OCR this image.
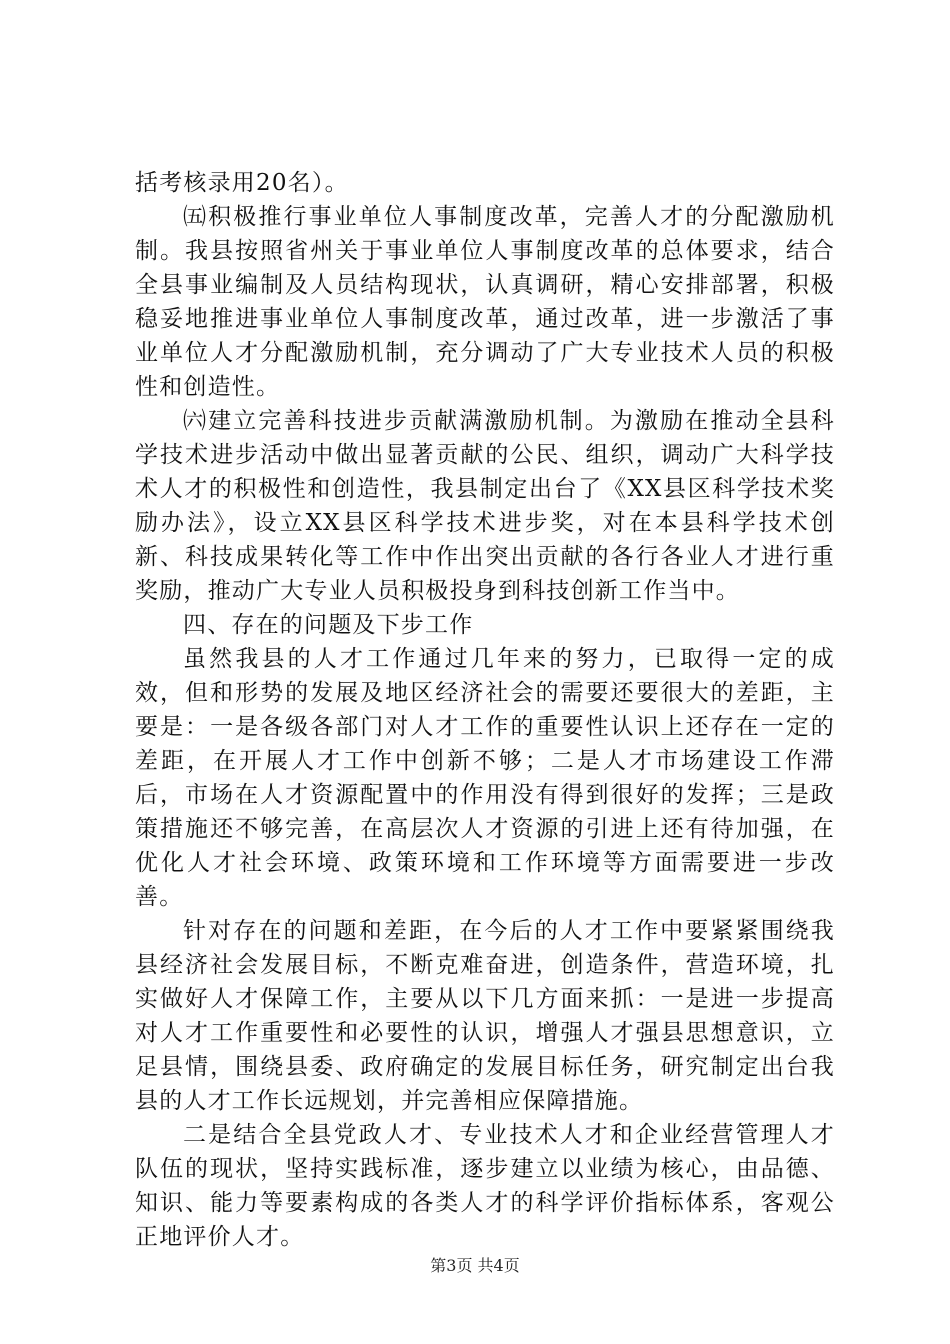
括考核录用20名）。

㈤积极推行事业单位人事制度改革，完善人才的分配激励机制。我县按照省州关于事业单位人事制度改革的总体要求，结合全县事业编制及人员结构现状，认真调研，精心安排部署，积极稳妥地推进事业单位人事制度改革，通过改革，进一步激活了事业单位人才分配激励机制，充分调动了广大专业技术人员的积极性和创造性。

㈥建立完善科技进步贡献满激励机制。为激励在推动全县科学技术进步活动中做出显著贡献的公民、组织，调动广大科学技术人才的积极性和创造性，我县制定出台了《XX县区科学技术奖励办法》，设立XX县区科学技术进步奖，对在本县科学技术创新、科技成果转化等工作中作出突出贡献的各行各业人才进行重奖励，推动广大专业人员积极投身到科技创新工作当中。

四、存在的问题及下步工作

虽然我县的人才工作通过几年来的努力，已取得一定的成效，但和形势的发展及地区经济社会的需要还要很大的差距，主要是：一是各级各部门对人才工作的重要性认识上还存在一定的差距，在开展人才工作中创新不够；二是人才市场建设工作滞后，市场在人才资源配置中的作用没有得到很好的发挥；三是政策措施还不够完善，在高层次人才资源的引进上还有待加强，在优化人才社会环境、政策环境和工作环境等方面需要进一步改善。

针对存在的问题和差距，在今后的人才工作中要紧紧围绕我县经济社会发展目标，不断克难奋进，创造条件，营造环境，扎实做好人才保障工作，主要从以下几方面来抓：一是进一步提高对人才工作重要性和必要性的认识，增强人才强县思想意识，立足县情，围绕县委、政府确定的发展目标任务，研究制定出台我县的人才工作长远规划，并完善相应保障措施。

二是结合全县党政人才、专业技术人才和企业经营管理人才队伍的现状，坚持实践标准，逐步建立以业绩为核心，由品德、知识、能力等要素构成的各类人才的科学评价指标体系，客观公正地评价人才。

第3页 共4页
